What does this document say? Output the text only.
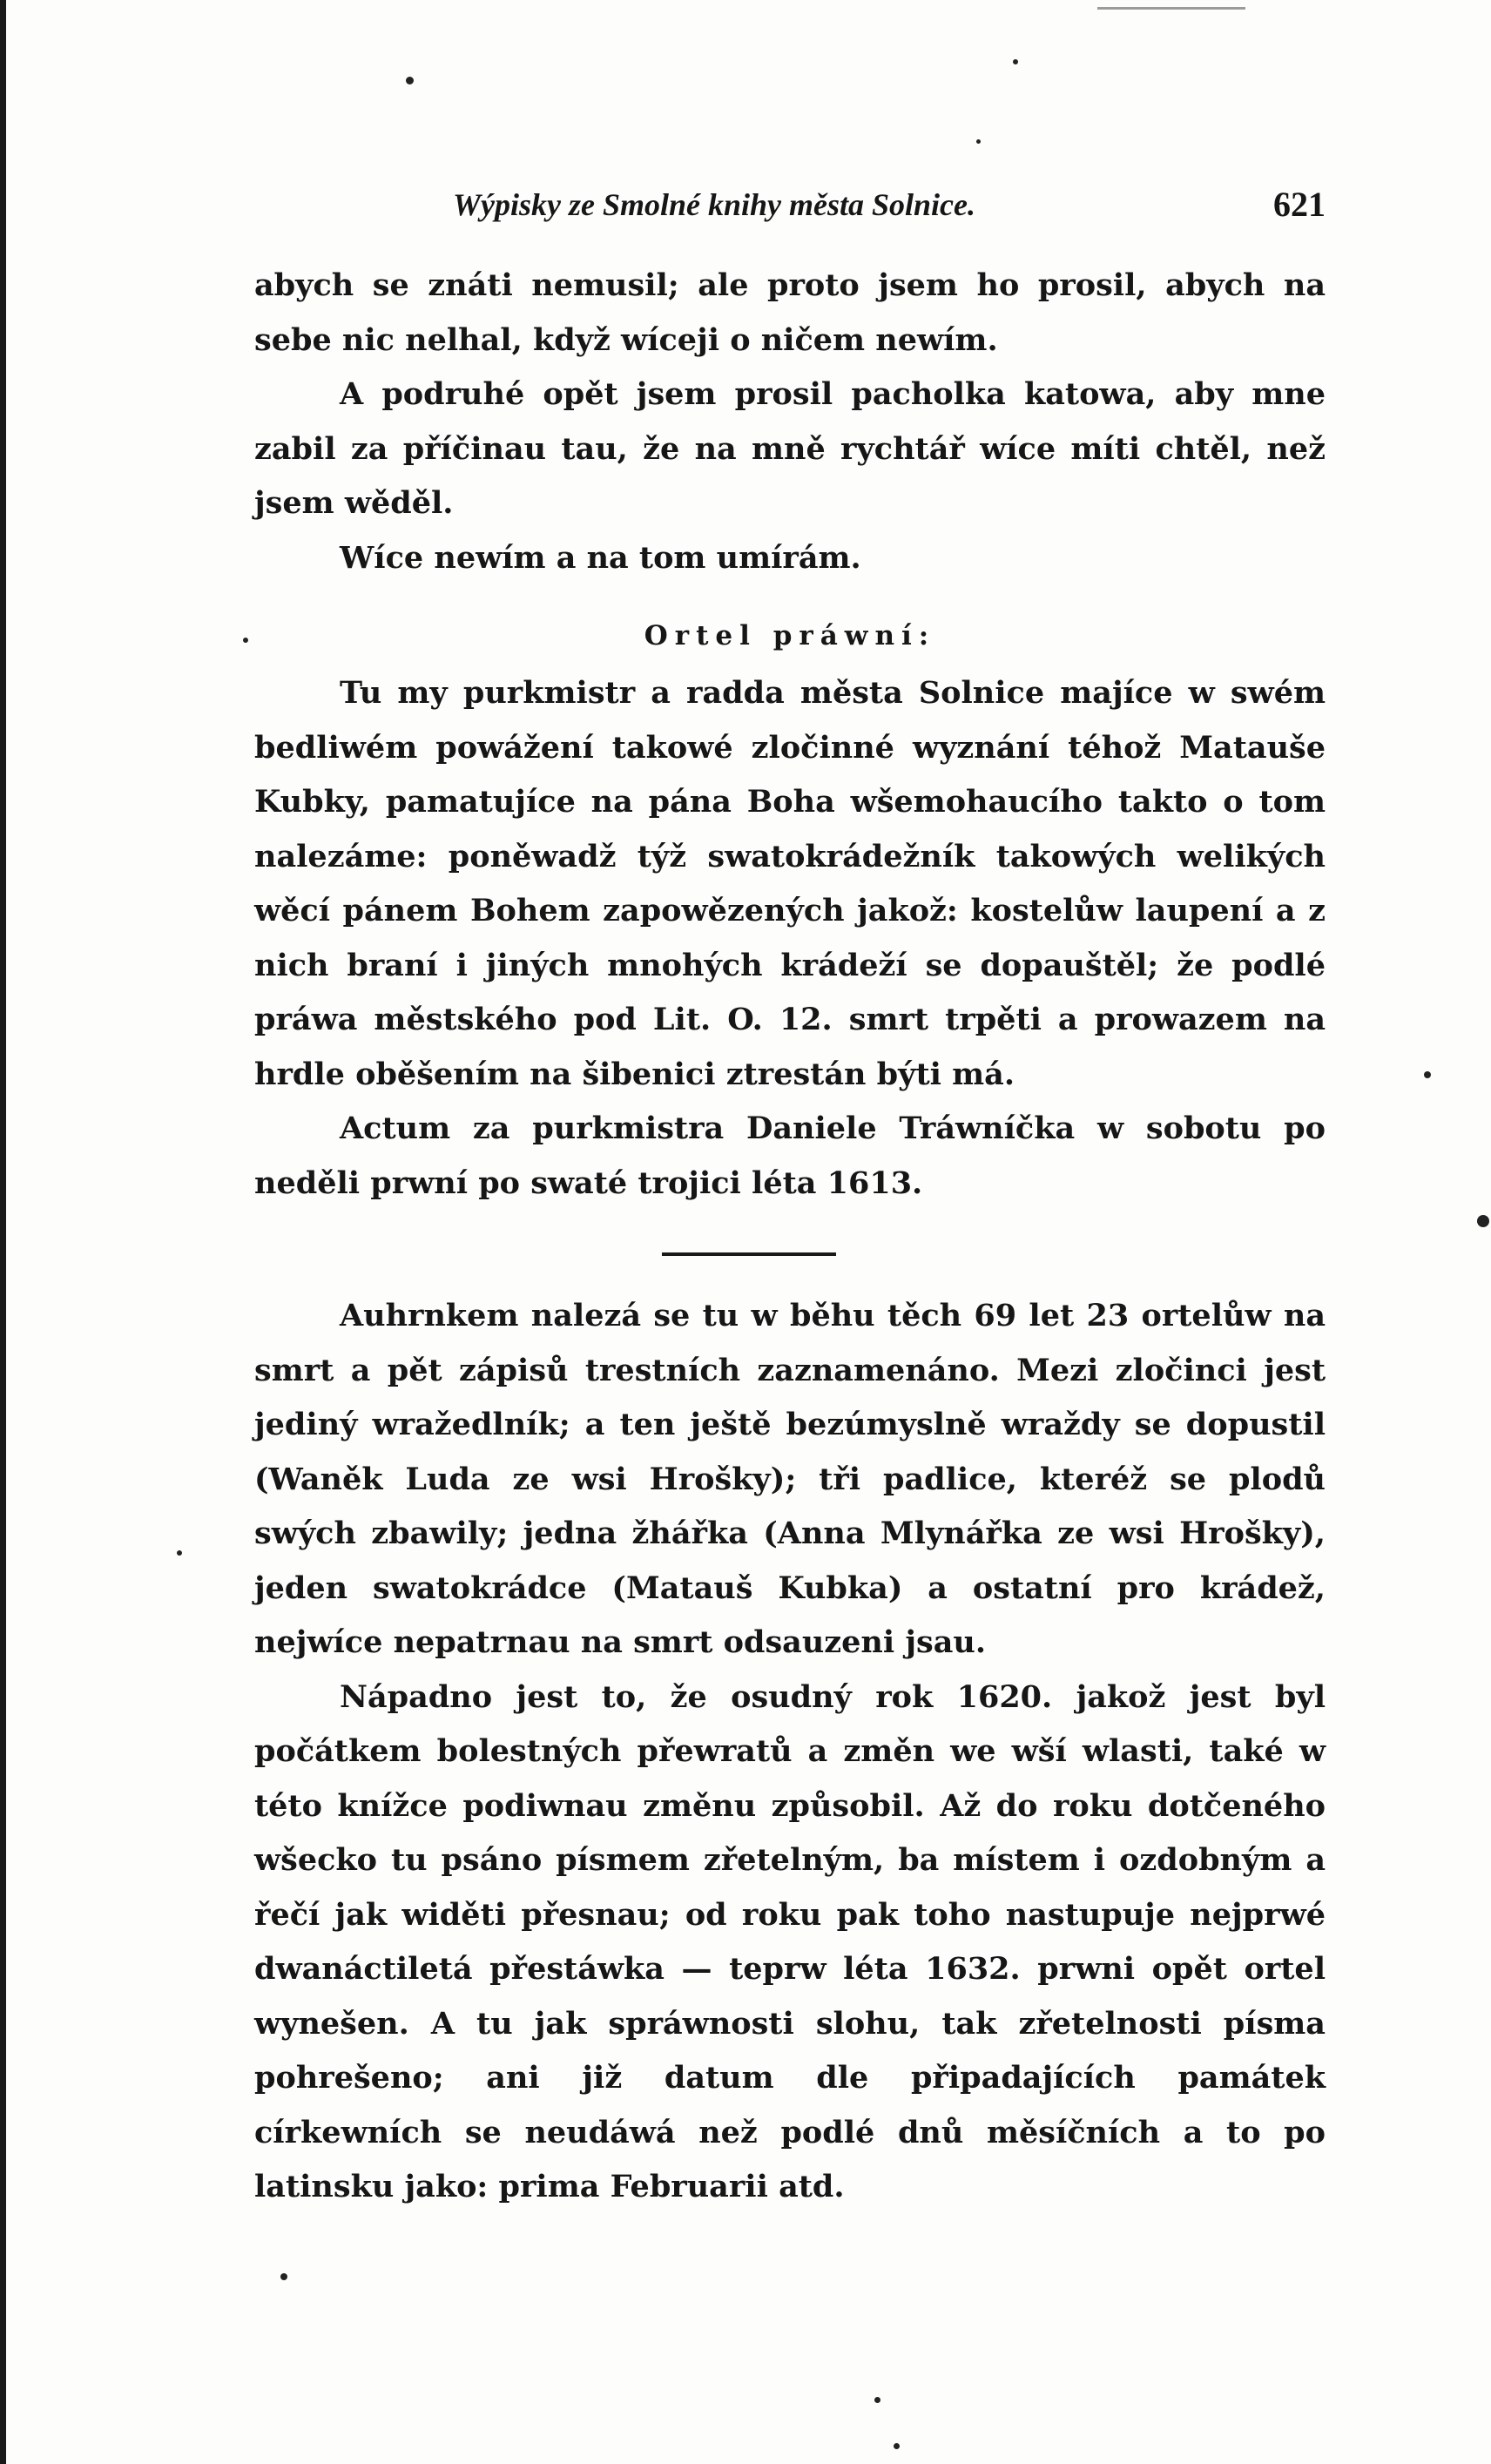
Wýpisky ze Smolné knihy města Solnice.	621

abych se znáti nemusil; ale proto jsem ho prosil, abych na sebe nic nelhal, když wíceji o ničem newím.

A podruhé opět jsem prosil pacholka katowa, aby mne zabil za příčinau tau, že na mně rychtář wíce míti chtěl, než jsem wěděl.

Wíce newím a na tom umírám.

Ortel práwní:

Tu my purkmistr a radda města Solnice majíce w swém bedliwém powážení takowé zločinné wyznání téhož Matauše Kubky, pamatujíce na pána Boha wšemohaucího takto o tom nalezáme: poněwadž týž swatokrádežník takowých welikých wěcí pánem Bohem zapowězených jakož: kostelůw laupení a z nich braní i jiných mnohých krádeží se dopauštěl; že podlé práwa městského pod Lit. O. 12. smrt trpěti a prowazem na hrdle oběšením na šibenici ztrestán býti má.

Actum za purkmistra Daniele Tráwníčka w sobotu po neděli prwní po swaté trojici léta 1613.

Auhrnkem nalezá se tu w běhu těch 69 let 23 ortelůw na smrt a pět zápisů trestních zaznamenáno. Mezi zločinci jest jediný wražedlník; a ten ještě bezúmyslně wraždy se dopustil (Waněk Luda ze wsi Hrošky); tři padlice, kteréž se plodů swých zbawily; jedna žhářka (Anna Mlynářka ze wsi Hrošky), jeden swatokrádce (Matauš Kubka) a ostatní pro krádež, nejwíce nepatrnau na smrt odsauzeni jsau.

Nápadno jest to, že osudný rok 1620. jakož jest byl počátkem bolestných přewratů a změn we wší wlasti, také w této knížce podiwnau změnu způsobil. Až do roku dotčeného wšecko tu psáno písmem zřetelným, ba místem i ozdobným a řečí jak widěti přesnau; od roku pak toho nastupuje nejprwé dwanáctiletá přestáwka — teprw léta 1632. prwni opět ortel wynešen. A tu jak spráwnosti slohu, tak zřetelnosti písma pohrešeno; ani již datum dle připadajících památek církewních se neudáwá než podlé dnů měsíčních a to po latinsku jako: prima Februarii atd.
